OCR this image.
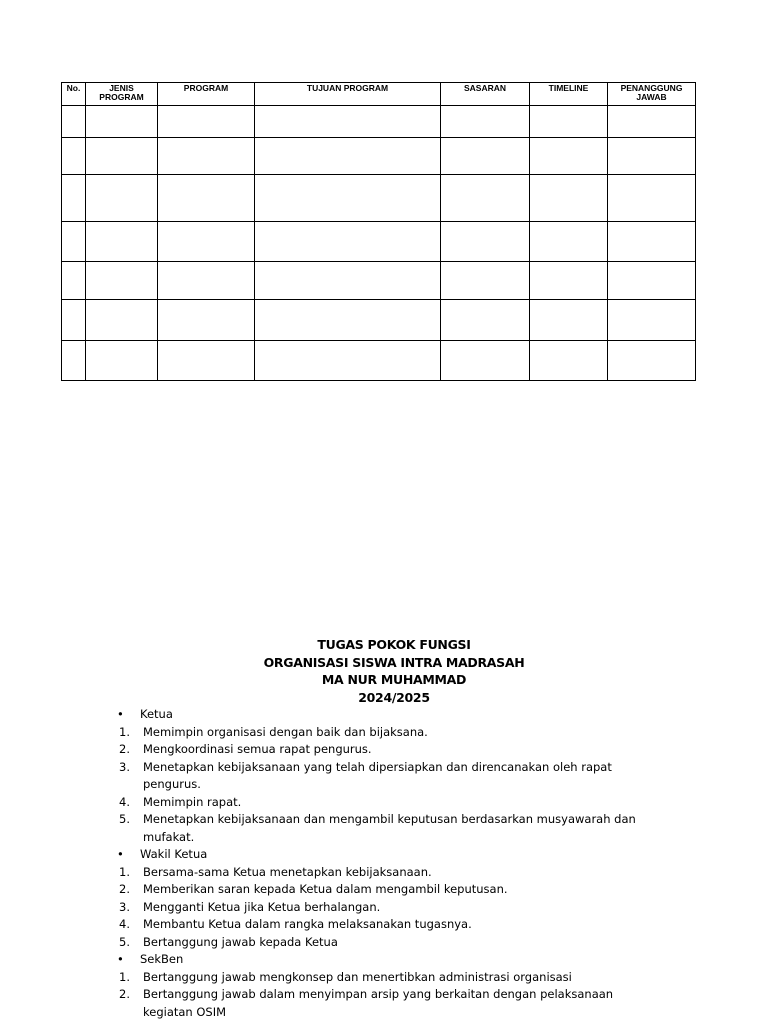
No.	JENIS PROGRAM	PROGRAM	TUJUAN PROGRAM	SASARAN	TIMELINE	PENANGGUNG JAWAB

TUGAS POKOK FUNGSI
ORGANISASI SISWA INTRA MADRASAH
MA NUR MUHAMMAD
2024/2025
• Ketua
1. Memimpin organisasi dengan baik dan bijaksana.
2. Mengkoordinasi semua rapat pengurus.
3. Menetapkan kebijaksanaan yang telah dipersiapkan dan direncanakan oleh rapat pengurus.
4. Memimpin rapat.
5. Menetapkan kebijaksanaan dan mengambil keputusan berdasarkan musyawarah dan mufakat.
• Wakil Ketua
1. Bersama-sama Ketua menetapkan kebijaksanaan.
2. Memberikan saran kepada Ketua dalam mengambil keputusan.
3. Mengganti Ketua jika Ketua berhalangan.
4. Membantu Ketua dalam rangka melaksanakan tugasnya.
5. Bertanggung jawab kepada Ketua
• SekBen
1. Bertanggung jawab mengkonsep dan menertibkan administrasi organisasi
2. Bertanggung jawab dalam menyimpan arsip yang berkaitan dengan pelaksanaan kegiatan OSIM
